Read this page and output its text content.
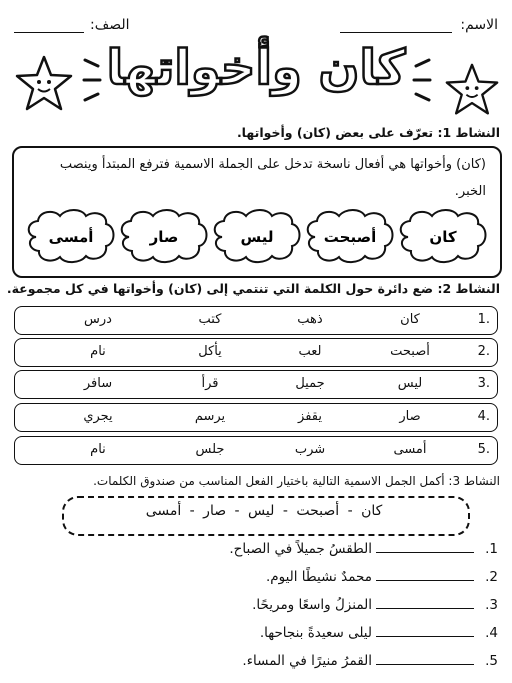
الاسم:
الصف:
كان وأخواتها
النشاط 1: تعرّف على بعض (كان) وأخواتها.
(كان) وأخواتها هي أفعال ناسخة تدخل على الجملة الاسمية فترفع المبتدأ وينصب الخبر.
كان
أصبحت
ليس
صار
أمسى
النشاط 2: ضع دائرة حول الكلمة التي تنتمي إلى (كان) وأخواتها في كل مجموعة.
1.
كان
ذهب
كتب
درس
2.
أصبحت
لعب
يأكل
نام
3.
ليس
جميل
قرأ
سافر
4.
صار
يقفز
يرسم
يجري
5.
أمسى
شرب
جلس
نام
النشاط 3: أكمل الجمل الاسمية التالية باختيار الفعل المناسب من صندوق الكلمات.
كان - أصبحت - ليس - صار - أمسى
1.الطقسُ جميلاً في الصباح.
2.محمدٌ نشيطًا اليوم.
3.المنزلُ واسعًا ومريحًا.
4.ليلى سعيدةً بنجاحها.
5.القمرُ منيرًا في المساء.
